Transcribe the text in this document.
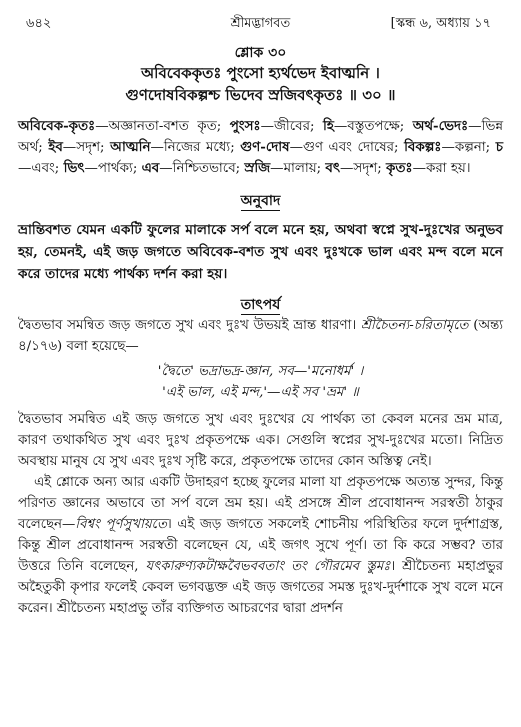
৬৪২	শ্রীমদ্ভাগবত	[স্কন্ধ ৬, অধ্যায় ১৭
শ্লোক ৩০
অবিবেককৃতঃ পুংসো হ্যর্থভেদ ইবাত্মনি ।
গুণদোষবিকল্পশ্চ ভিদেব স্রজিবৎকৃতঃ ॥ ৩০ ॥
অবিবেক-কৃতঃ—অজ্ঞানতা-বশত কৃত; পুংসঃ—জীবের; হি—বস্তুতপক্ষে; অর্থ-ভেদঃ—ভিন্ন অর্থ; ইব—সদৃশ; আত্মনি—নিজের মধ্যে; গুণ-দোষ—গুণ এবং দোষের; বিকল্পঃ—কল্পনা; চ—এবং; ভিৎ—পার্থক্য; এব—নিশ্চিতভাবে; স্রজি—মালায়; বৎ—সদৃশ; কৃতঃ—করা হয়।
অনুবাদ
ভ্রান্তিবশত যেমন একটি ফুলের মালাকে সর্প বলে মনে হয়, অথবা স্বপ্নে সুখ-দুঃখের অনুভব হয়, তেমনই, এই জড় জগতে অবিবেক-বশত সুখ এবং দুঃখকে ভাল এবং মন্দ বলে মনে করে তাদের মধ্যে পার্থক্য দর্শন করা হয়।
তাৎপর্য

দ্বৈতভাব সমন্বিত জড় জগতে সুখ এবং দুঃখ উভয়ই ভ্রান্ত ধারণা। শ্রীচৈতন্য-চরিতামৃতে (অন্ত্য ৪/১৭৬) বলা হয়েছে—

'দ্বৈতে' ভদ্রাভদ্র-জ্ঞান, সব—'মনোধর্ম' ।
'এই ভাল, এই মন্দ,'—এই সব 'ভ্রম' ॥

দ্বৈতভাব সমন্বিত এই জড় জগতে সুখ এবং দুঃখের যে পার্থক্য তা কেবল মনের ভ্রম মাত্র, কারণ তথাকথিত সুখ এবং দুঃখ প্রকৃতপক্ষে এক। সেগুলি স্বপ্নের সুখ-দুঃখের মতো। নিদ্রিত অবস্থায় মানুষ যে সুখ এবং দুঃখ সৃষ্টি করে, প্রকৃতপক্ষে তাদের কোন অস্তিত্ব নেই।

এই শ্লোকে অন্য আর একটি উদাহরণ হচ্ছে ফুলের মালা যা প্রকৃতপক্ষে অত্যন্ত সুন্দর, কিন্তু পরিণত জ্ঞানের অভাবে তা সর্প বলে ভ্রম হয়। এই প্রসঙ্গে শ্রীল প্রবোধানন্দ সরস্বতী ঠাকুর বলেছেন—বিশ্বং পূর্ণসুখায়তে। এই জড় জগতে সকলেই শোচনীয় পরিস্থিতির ফলে দুর্দশাগ্রস্ত, কিন্তু শ্রীল প্রবোধানন্দ সরস্বতী বলেছেন যে, এই জগৎ সুখে পূর্ণ। তা কি করে সম্ভব? তার উত্তরে তিনি বলেছেন, যৎকারুণ্যকটাক্ষবৈভববতাং তং গৌরমেব স্তুমঃ। শ্রীচৈতন্য মহাপ্রভুর অহৈতুকী কৃপার ফলেই কেবল ভগবদ্ভক্ত এই জড় জগতের সমস্ত দুঃখ-দুর্দশাকে সুখ বলে মনে করেন। শ্রীচৈতন্য মহাপ্রভু তাঁর ব্যক্তিগত আচরণের দ্বারা প্রদর্শন
